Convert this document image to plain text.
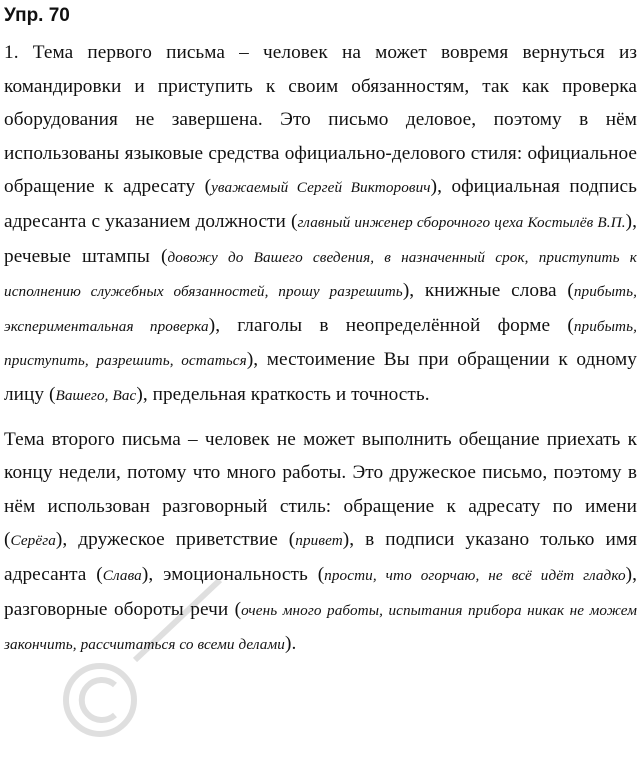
Упр. 70

1. Тема первого письма – человек на может вовремя вернуться из командировки и приступить к своим обязанностям, так как проверка оборудования не завершена. Это письмо деловое, поэтому в нём использованы языковые средства официально-делового стиля: официальное обращение к адресату (уважаемый Сергей Викторович), официальная подпись адресанта с указанием должности (главный инженер сборочного цеха Костылёв В.П.), речевые штампы (довожу до Вашего сведения, в назначенный срок, приступить к исполнению служебных обязанностей, прошу разрешить), книжные слова (прибыть, экспериментальная проверка), глаголы в неопределённой форме (прибыть, приступить, разрешить, остаться), местоимение Вы при обращении к одному лицу (Вашего, Вас), предельная краткость и точность.

Тема второго письма – человек не может выполнить обещание приехать к концу недели, потому что много работы. Это дружеское письмо, поэтому в нём использован разговорный стиль: обращение к адресату по имени (Серёга), дружеское приветствие (привет), в подписи указано только имя адресанта (Слава), эмоциональность (прости, что огорчаю, не всё идёт гладко), разговорные обороты речи (очень много работы, испытания прибора никак не можем закончить, рассчитаться со всеми делами).
